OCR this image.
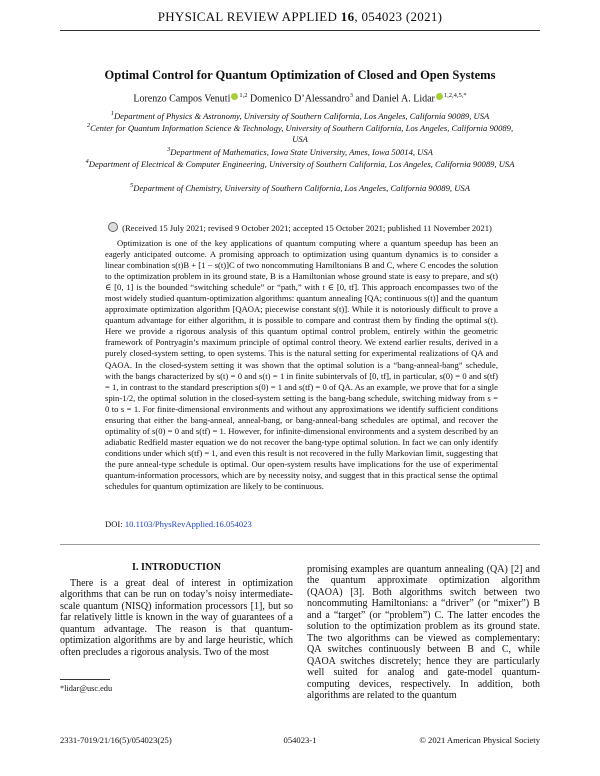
PHYSICAL REVIEW APPLIED 16, 054023 (2021)
Optimal Control for Quantum Optimization of Closed and Open Systems
Lorenzo Campos Venuti $^{1,2}$ Domenico D’Alessandro$^3$ and Daniel A. Lidar $^{1,2,4,5,*}$
$^1$Department of Physics & Astronomy, University of Southern California, Los Angeles, California 90089, USA
$^2$Center for Quantum Information Science & Technology, University of Southern California, Los Angeles, California 90089, USA
$^3$Department of Mathematics, Iowa State University, Ames, Iowa 50014, USA
$^4$Department of Electrical & Computer Engineering, University of Southern California, Los Angeles, California 90089, USA
$^5$Department of Chemistry, University of Southern California, Los Angeles, California 90089, USA
(Received 15 July 2021; revised 9 October 2021; accepted 15 October 2021; published 11 November 2021)

Optimization is one of the key applications of quantum computing where a quantum speedup has been an eagerly anticipated outcome. A promising approach to optimization using quantum dynamics is to consider a linear combination s(t)B + [1 − s(t)]C of two noncommuting Hamiltonians B and C, where C encodes the solution to the optimization problem in its ground state, B is a Hamiltonian whose ground state is easy to prepare, and s(t) ∈ [0, 1] is the bounded “switching schedule” or “path,” with t ∈ [0, tf]. This approach encompasses two of the most widely studied quantum-optimization algorithms: quantum annealing [QA; continuous s(t)] and the quantum approximate optimization algorithm [QAOA; piecewise constant s(t)]. While it is notoriously difficult to prove a quantum advantage for either algorithm, it is possible to compare and contrast them by finding the optimal s(t). Here we provide a rigorous analysis of this quantum optimal control problem, entirely within the geometric framework of Pontryagin’s maximum principle of optimal control theory. We extend earlier results, derived in a purely closed-system setting, to open systems. This is the natural setting for experimental realizations of QA and QAOA. In the closed-system setting it was shown that the optimal solution is a “bang-anneal-bang” schedule, with the bangs characterized by s(t) = 0 and s(t) = 1 in finite subintervals of [0, tf], in particular, s(0) = 0 and s(tf) = 1, in contrast to the standard prescription s(0) = 1 and s(tf) = 0 of QA. As an example, we prove that for a single spin-1/2, the optimal solution in the closed-system setting is the bang-bang schedule, switching midway from s = 0 to s = 1. For finite-dimensional environments and without any approximations we identify sufficient conditions ensuring that either the bang-anneal, anneal-bang, or bang-anneal-bang schedules are optimal, and recover the optimality of s(0) = 0 and s(tf) = 1. However, for infinite-dimensional environments and a system described by an adiabatic Redfield master equation we do not recover the bang-type optimal solution. In fact we can only identify conditions under which s(tf) = 1, and even this result is not recovered in the fully Markovian limit, suggesting that the pure anneal-type schedule is optimal. Our open-system results have implications for the use of experimental quantum-information processors, which are by necessity noisy, and suggest that in this practical sense the optimal schedules for quantum optimization are likely to be continuous.

DOI: 10.1103/PhysRevApplied.16.054023
I. INTRODUCTION

There is a great deal of interest in optimization algorithms that can be run on today’s noisy intermediate-scale quantum (NISQ) information processors [1], but so far relatively little is known in the way of guarantees of a quantum advantage. The reason is that quantum-optimization algorithms are by and large heuristic, which often precludes a rigorous analysis. Two of the most

promising examples are quantum annealing (QA) [2] and the quantum approximate optimization algorithm (QAOA) [3]. Both algorithms switch between two noncommuting Hamiltonians: a “driver” (or “mixer”) B and a “target” (or “problem”) C. The latter encodes the solution to the optimization problem as its ground state. The two algorithms can be viewed as complementary: QA switches continuously between B and C, while QAOA switches discretely; hence they are particularly well suited for analog and gate-model quantum-computing devices, respectively. In addition, both algorithms are related to the quantum

*lidar@usc.edu
2331-7019/21/16(5)/054023(25)	054023-1	© 2021 American Physical Society
